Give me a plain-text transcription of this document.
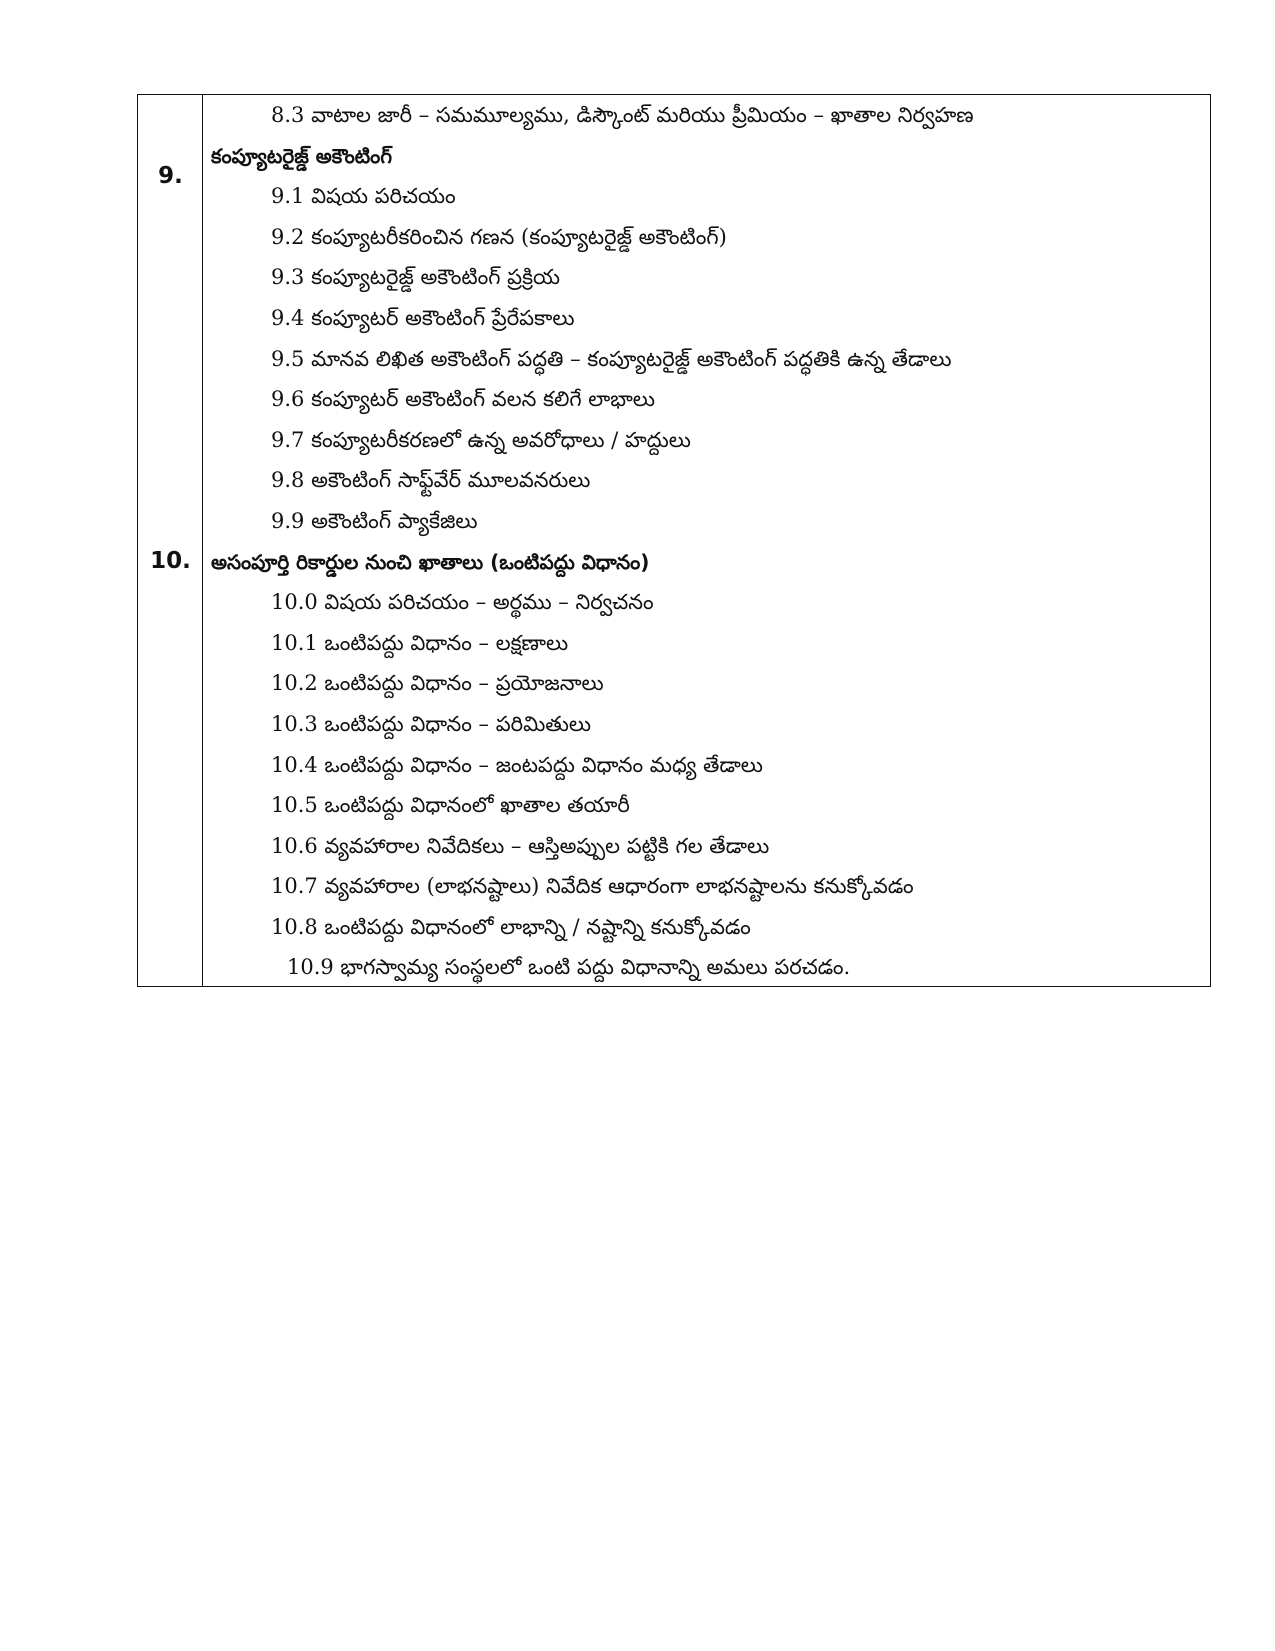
9.
10.
8.3 వాటాల జారీ – సమమూల్యము, డిస్కౌంట్ మరియు ప్రీమియం – ఖాతాల నిర్వహణ
కంప్యూటరైజ్డ్ అకౌంటింగ్
9.1 విషయ పరిచయం
9.2 కంప్యూటరీకరించిన గణన (కంప్యూటరైజ్డ్ అకౌంటింగ్)
9.3 కంప్యూటరైజ్డ్ అకౌంటింగ్ ప్రక్రియ
9.4 కంప్యూటర్ అకౌంటింగ్ ప్రేరేపకాలు
9.5 మానవ లిఖిత అకౌంటింగ్ పద్ధతి – కంప్యూటరైజ్డ్ అకౌంటింగ్ పద్ధతికి ఉన్న తేడాలు
9.6 కంప్యూటర్ అకౌంటింగ్ వలన కలిగే లాభాలు
9.7 కంప్యూటరీకరణలో ఉన్న అవరోధాలు / హద్దులు
9.8 అకౌంటింగ్ సాఫ్ట్‌వేర్ మూలవనరులు
9.9 అకౌంటింగ్ ప్యాకేజిలు
అసంపూర్తి రికార్డుల నుంచి ఖాతాలు (ఒంటిపద్దు విధానం)
10.0 విషయ పరిచయం – అర్థము – నిర్వచనం
10.1 ఒంటిపద్దు విధానం – లక్షణాలు
10.2 ఒంటిపద్దు విధానం – ప్రయోజనాలు
10.3 ఒంటిపద్దు విధానం – పరిమితులు
10.4 ఒంటిపద్దు విధానం – జంటపద్దు విధానం మధ్య తేడాలు
10.5 ఒంటిపద్దు విధానంలో ఖాతాల తయారీ
10.6 వ్యవహారాల నివేదికలు – ఆస్తిఅప్పుల పట్టికి గల తేడాలు
10.7 వ్యవహారాల (లాభనష్టాలు) నివేదిక ఆధారంగా లాభనష్టాలను కనుక్కోవడం
10.8 ఒంటిపద్దు విధానంలో లాభాన్ని / నష్టాన్ని కనుక్కోవడం
10.9 భాగస్వామ్య సంస్థలలో ఒంటి పద్దు విధానాన్ని అమలు పరచడం.
